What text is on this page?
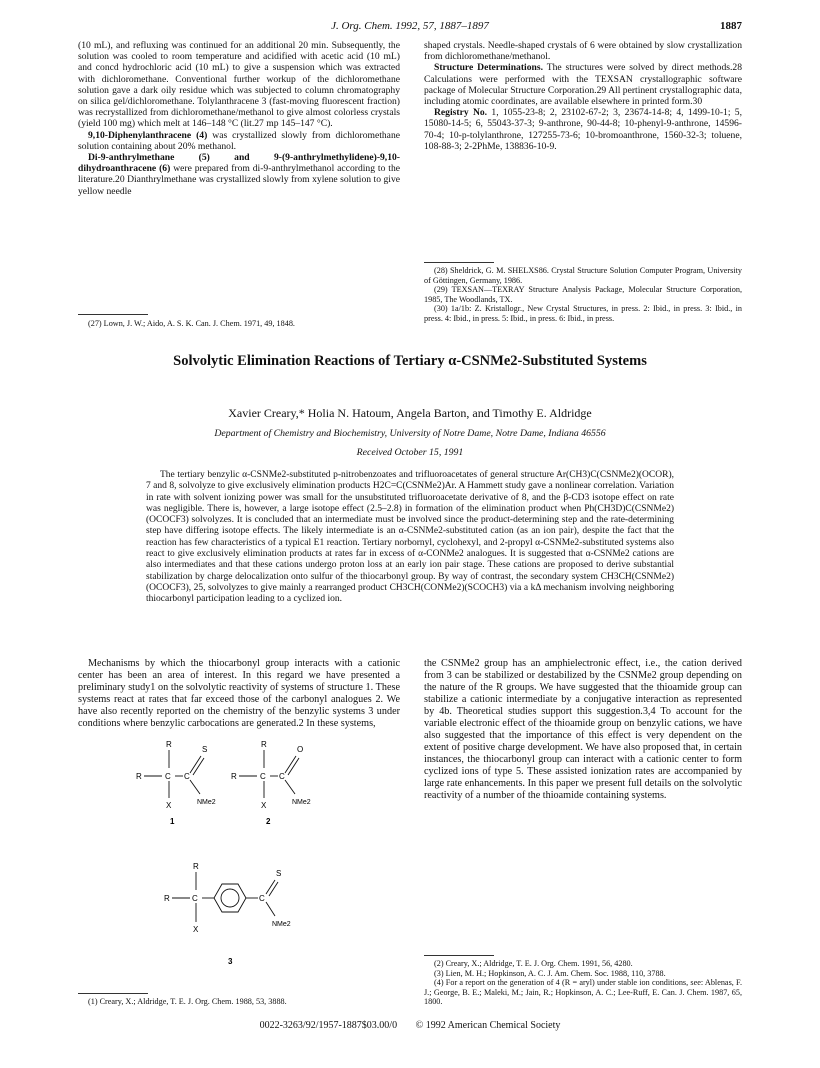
J. Org. Chem. 1992, 57, 1887–1897	1887

(10 mL), and refluxing was continued for an additional 20 min. Subsequently, the solution was cooled to room temperature and acidified with acetic acid (10 mL) and concd hydrochloric acid (10 mL) to give a suspension which was extracted with dichloromethane. Conventional further workup of the dichloromethane solution gave a dark oily residue which was subjected to column chromatography on silica gel/dichloromethane. Tolylanthracene 3 (fast-moving fluorescent fraction) was recrystallized from dichloromethane/methanol to give almost colorless crystals (yield 100 mg) which melt at 146–148 °C (lit.27 mp 145–147 °C).

9,10-Diphenylanthracene (4) was crystallized slowly from dichloromethane solution containing about 20% methanol.

Di-9-anthrylmethane (5) and 9-(9-anthrylmethylidene)-9,10-dihydroanthracene (6) were prepared from di-9-anthrylmethanol according to the literature.20 Dianthrylmethane was crystallized slowly from xylene solution to give yellow needle

shaped crystals. Needle-shaped crystals of 6 were obtained by slow crystallization from dichloromethane/methanol.

Structure Determinations. The structures were solved by direct methods.28 Calculations were performed with the TEXSAN crystallographic software package of Molecular Structure Corporation.29 All pertinent crystallographic data, including atomic coordinates, are available elsewhere in printed form.30

Registry No. 1, 1055-23-8; 2, 23102-67-2; 3, 23674-14-8; 4, 1499-10-1; 5, 15080-14-5; 6, 55043-37-3; 9-anthrone, 90-44-8; 10-phenyl-9-anthrone, 14596-70-4; 10-p-tolylanthrone, 127255-73-6; 10-bromoanthrone, 1560-32-3; toluene, 108-88-3; 2-2PhMe, 138836-10-9.

(28) Sheldrick, G. M. SHELXS86. Crystal Structure Solution Computer Program, University of Göttingen, Germany, 1986.

(29) TEXSAN—TEXRAY Structure Analysis Package, Molecular Structure Corporation, 1985, The Woodlands, TX.

(30) 1a/1b: Z. Kristallogr., New Crystal Structures, in press. 2: Ibid., in press. 3: Ibid., in press. 4: Ibid., in press. 5: Ibid., in press. 6: Ibid., in press.

(27) Lown, J. W.; Aido, A. S. K. Can. J. Chem. 1971, 49, 1848.

Solvolytic Elimination Reactions of Tertiary α-CSNMe2-Substituted Systems
Xavier Creary,* Holia N. Hatoum, Angela Barton, and Timothy E. Aldridge
Department of Chemistry and Biochemistry, University of Notre Dame, Notre Dame, Indiana 46556
Received October 15, 1991

The tertiary benzylic α-CSNMe2-substituted p-nitrobenzoates and trifluoroacetates of general structure Ar(CH3)C(CSNMe2)(OCOR), 7 and 8, solvolyze to give exclusively elimination products H2C=C(CSNMe2)Ar. A Hammett study gave a nonlinear correlation. Variation in rate with solvent ionizing power was small for the unsubstituted trifluoroacetate derivative of 8, and the β-CD3 isotope effect on rate was negligible. There is, however, a large isotope effect (2.5–2.8) in formation of the elimination product when Ph(CH3D)C(CSNMe2)(OCOCF3) solvolyzes. It is concluded that an intermediate must be involved since the product-determining step and the rate-determining step have differing isotope effects. The likely intermediate is an α-CSNMe2-substituted cation (as an ion pair), despite the fact that the reaction has few characteristics of a typical E1 reaction. Tertiary norbornyl, cyclohexyl, and 2-propyl α-CSNMe2-substituted systems also react to give exclusively elimination products at rates far in excess of α-CONMe2 analogues. It is suggested that α-CSNMe2 cations are also intermediates and that these cations undergo proton loss at an early ion pair stage. These cations are proposed to derive substantial stabilization by charge delocalization onto sulfur of the thiocarbonyl group. By way of contrast, the secondary system CH3CH(CSNMe2)(OCOCF3), 25, solvolyzes to give mainly a rearranged product CH3CH(CONMe2)(SCOCH3) via a kΔ mechanism involving neighboring thiocarbonyl participation leading to a cyclized ion.

Mechanisms by which the thiocarbonyl group interacts with a cationic center has been an area of interest. In this regard we have presented a preliminary study1 on the solvolytic reactivity of systems of structure 1. These systems react at rates that far exceed those of the carbonyl analogues 2. We have also recently reported on the chemistry of the benzylic systems 3 under conditions where benzylic carbocations are generated.2 In these systems,

R
R	C C
X
S
NMe2
1
R
R	C C
X
O
NMe2
2
R
R	C
X
C
S
NMe2
3

(1) Creary, X.; Aldridge, T. E. J. Org. Chem. 1988, 53, 3888.

the CSNMe2 group has an amphielectronic effect, i.e., the cation derived from 3 can be stabilized or destabilized by the CSNMe2 group depending on the nature of the R groups. We have suggested that the thioamide group can stabilize a cationic intermediate by a conjugative interaction as represented by 4b. Theoretical studies support this suggestion.3,4 To account for the variable electronic effect of the thioamide group on benzylic cations, we have also suggested that the importance of this effect is very dependent on the extent of positive charge development. We have also proposed that, in certain instances, the thiocarbonyl group can interact with a cationic center to form cyclized ions of type 5. These assisted ionization rates are accompanied by large rate enhancements. In this paper we present full details on the solvolytic reactivity of a number of the thioamide containing systems.

(2) Creary, X.; Aldridge, T. E. J. Org. Chem. 1991, 56, 4280.

(3) Lien, M. H.; Hopkinson, A. C. J. Am. Chem. Soc. 1988, 110, 3788.

(4) For a report on the generation of 4 (R = aryl) under stable ion conditions, see: Ablenas, F. J.; George, B. E.; Maleki, M.; Jain, R.; Hopkinson, A. C.; Lee-Ruff, E. Can. J. Chem. 1987, 65, 1800.

0022-3263/92/1957-1887$03.00/0 © 1992 American Chemical Society
